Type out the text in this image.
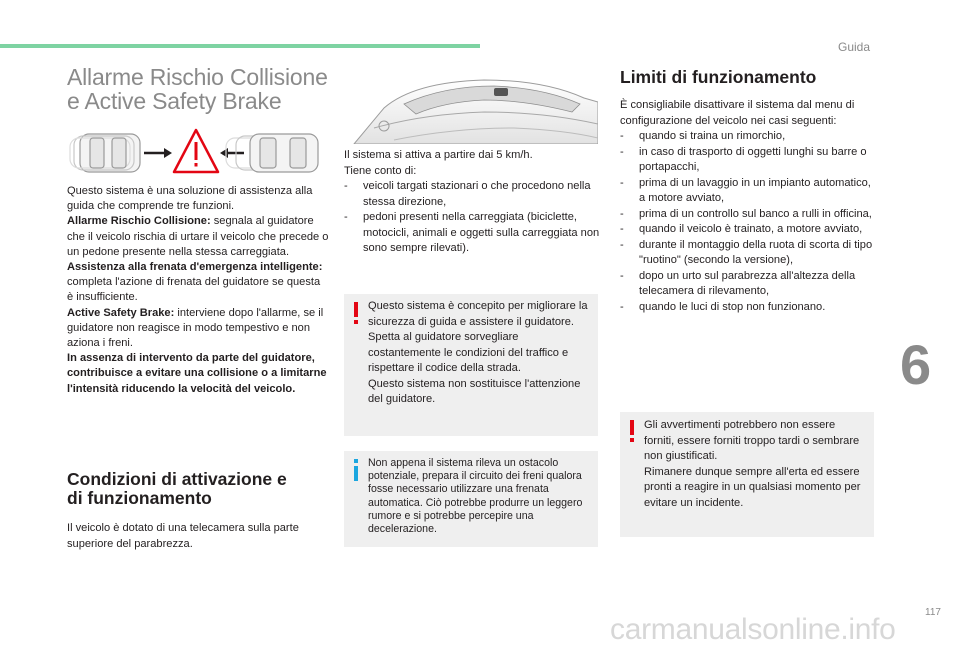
Guida
Allarme Rischio Collisione
e Active Safety Brake

Questo sistema è una soluzione di assistenza alla guida che comprende tre funzioni.

Allarme Rischio Collisione: segnala al guidatore che il veicolo rischia di urtare il veicolo che precede o un pedone presente nella stessa carreggiata.

Assistenza alla frenata d'emergenza intelligente: completa l'azione di frenata del guidatore se questa è insufficiente.

Active Safety Brake: interviene dopo l'allarme, se il guidatore non reagisce in modo tempestivo e non aziona i freni.

In assenza di intervento da parte del guidatore, contribuisce a evitare una collisione o a limitarne l'intensità riducendo la velocità del veicolo.

Condizioni di attivazione e
di funzionamento
Il veicolo è dotato di una telecamera sulla parte superiore del parabrezza.
Il sistema si attiva a partire dai 5 km/h.
Tiene conto di:
- veicoli targati stazionari o che procedono nella stessa direzione,
- pedoni presenti nella carreggiata (biciclette, motocicli, animali e oggetti sulla carreggiata non sono sempre rilevati).
Questo sistema è concepito per migliorare la sicurezza di guida e assistere il guidatore.
Spetta al guidatore sorvegliare costantemente le condizioni del traffico e rispettare il codice della strada.
Questo sistema non sostituisce l'attenzione del guidatore.
Non appena il sistema rileva un ostacolo potenziale, prepara il circuito dei freni qualora fosse necessario utilizzare una frenata automatica. Ciò potrebbe produrre un leggero rumore e si potrebbe percepire una decelerazione.
Limiti di funzionamento

È consigliabile disattivare il sistema dal menu di configurazione del veicolo nei casi seguenti:

- quando si traina un rimorchio,
- in caso di trasporto di oggetti lunghi su barre o portapacchi,
- prima di un lavaggio in un impianto automatico, a motore avviato,
- prima di un controllo sul banco a rulli in officina,
- quando il veicolo è trainato, a motore avviato,
- durante il montaggio della ruota di scorta di tipo "ruotino" (secondo la versione),
- dopo un urto sul parabrezza all'altezza della telecamera di rilevamento,
- quando le luci di stop non funzionano.
Gli avvertimenti potrebbero non essere forniti, essere forniti troppo tardi o sembrare non giustificati.
Rimanere dunque sempre all'erta ed essere pronti a reagire in un qualsiasi momento per evitare un incidente.
6
117
carmanualsonline.info
